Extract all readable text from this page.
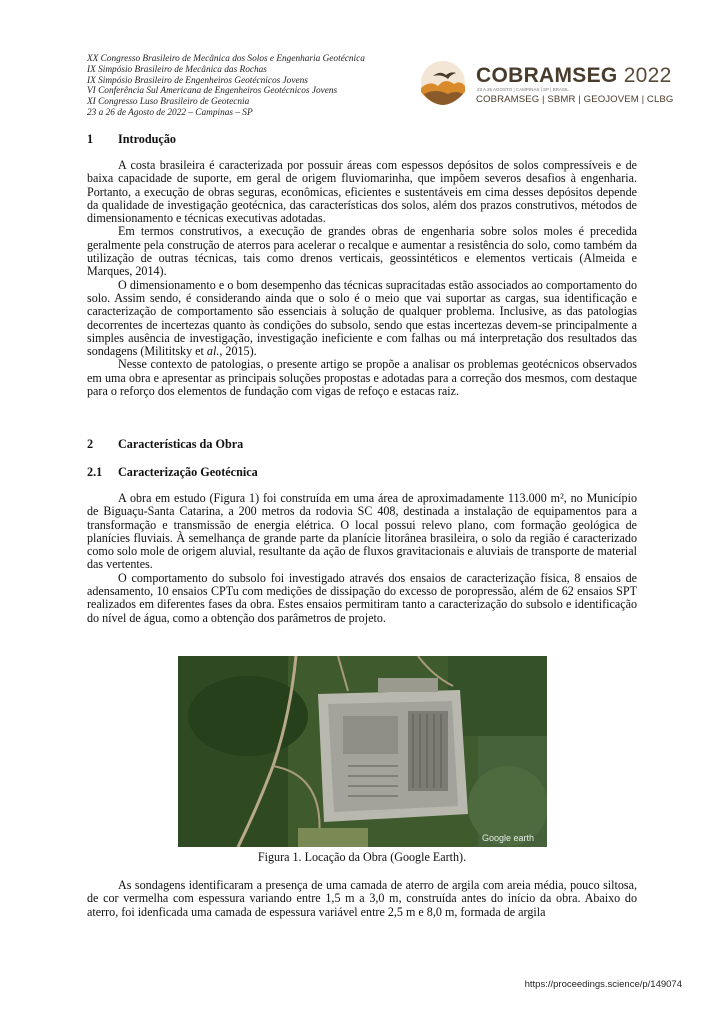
XX Congresso Brasileiro de Mecânica dos Solos e Engenharia Geotécnica
IX Simpósio Brasileiro de Mecânica das Rochas
IX Simpósio Brasileiro de Engenheiros Geotécnicos Jovens
VI Conferência Sul Americana de Engenheiros Geotécnicos Jovens
XI Congresso Luso Brasileiro de Geotecnia
23 a 26 de Agosto de 2022 – Campinas – SP
COBRAMSEG 2022
23 A 26 AGOSTO | CAMPINAS | SP | BRASIL
COBRAMSEG | SBMR | GEOJOVEM | CLBG
1 Introdução

A costa brasileira é caracterizada por possuir áreas com espessos depósitos de solos compressíveis e de baixa capacidade de suporte, em geral de origem fluviomarinha, que impõem severos desafios à engenharia. Portanto, a execução de obras seguras, econômicas, eficientes e sustentáveis em cima desses depósitos depende da qualidade de investigação geotécnica, das características dos solos, além dos prazos construtivos, métodos de dimensionamento e técnicas executivas adotadas.

Em termos construtivos, a execução de grandes obras de engenharia sobre solos moles é precedida geralmente pela construção de aterros para acelerar o recalque e aumentar a resistência do solo, como também da utilização de outras técnicas, tais como drenos verticais, geossintéticos e elementos verticais (Almeida e Marques, 2014).

O dimensionamento e o bom desempenho das técnicas supracitadas estão associados ao comportamento do solo. Assim sendo, é considerando ainda que o solo é o meio que vai suportar as cargas, sua identificação e caracterização de comportamento são essenciais à solução de qualquer problema. Inclusive, as das patologias decorrentes de incertezas quanto às condições do subsolo, sendo que estas incertezas devem-se principalmente a simples ausência de investigação, investigação ineficiente e com falhas ou má interpretação dos resultados das sondagens (Milititsky et al., 2015).

Nesse contexto de patologias, o presente artigo se propõe a analisar os problemas geotécnicos observados em uma obra e apresentar as principais soluções propostas e adotadas para a correção dos mesmos, com destaque para o reforço dos elementos de fundação com vigas de refoço e estacas raiz.

2 Características da Obra
2.1 Caracterização Geotécnica

A obra em estudo (Figura 1) foi construída em uma área de aproximadamente 113.000 m², no Município de Biguaçu-Santa Catarina, a 200 metros da rodovia SC 408, destinada a instalação de equipamentos para a transformação e transmissão de energia elétrica. O local possui relevo plano, com formação geológica de planícies fluviais. À semelhança de grande parte da planície litorânea brasileira, o solo da região é caracterizado como solo mole de origem aluvial, resultante da ação de fluxos gravitacionais e aluviais de transporte de material das vertentes.

O comportamento do subsolo foi investigado através dos ensaios de caracterização física, 8 ensaios de adensamento, 10 ensaios CPTu com medições de dissipação do excesso de poropressão, além de 62 ensaios SPT realizados em diferentes fases da obra. Estes ensaios permitiram tanto a caracterização do subsolo e identificação do nível de água, como a obtenção dos parâmetros de projeto.

Google earth
Figura 1. Locação da Obra (Google Earth).

As sondagens identificaram a presença de uma camada de aterro de argila com areia média, pouco siltosa, de cor vermelha com espessura variando entre 1,5 m a 3,0 m, construída antes do início da obra. Abaixo do aterro, foi idenficada uma camada de espessura variável entre 2,5 m e 8,0 m, formada de argila

https://proceedings.science/p/149074
